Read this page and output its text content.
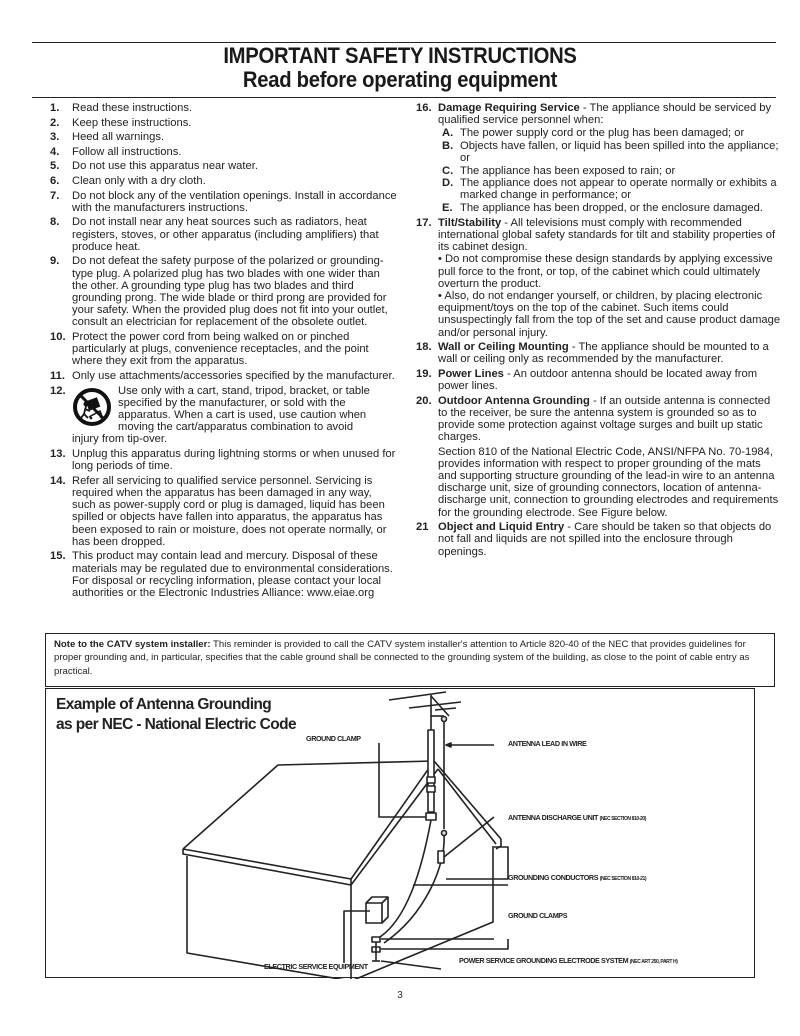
IMPORTANT SAFETY INSTRUCTIONS
Read before operating equipment
1. Read these instructions.
2. Keep these instructions.
3. Heed all warnings.
4. Follow all instructions.
5. Do not use this apparatus near water.
6. Clean only with a dry cloth.
7. Do not block any of the ventilation openings. Install in accordance with the manufacturers instructions.
8. Do not install near any heat sources such as radiators, heat registers, stoves, or other apparatus (including amplifiers) that produce heat.
9. Do not defeat the safety purpose of the polarized or grounding-type plug. A polarized plug has two blades with one wider than the other. A grounding type plug has two blades and third grounding prong. The wide blade or third prong are provided for your safety. When the provided plug does not fit into your outlet, consult an electrician for replacement of the obsolete outlet.
10. Protect the power cord from being walked on or pinched particularly at plugs, convenience receptacles, and the point where they exit from the apparatus.
11. Only use attachments/accessories specified by the manufacturer.
12.	Use only with a cart, stand, tripod, bracket, or table specified by the manufacturer, or sold with the apparatus. When a cart is used, use caution when moving the cart/apparatus combination to avoid
injury from tip-over.
13. Unplug this apparatus during lightning storms or when unused for long periods of time.
14. Refer all servicing to qualified service personnel. Servicing is required when the apparatus has been damaged in any way, such as power-supply cord or plug is damaged, liquid has been spilled or objects have fallen into apparatus, the apparatus has been exposed to rain or moisture, does not operate normally, or has been dropped.
15. This product may contain lead and mercury. Disposal of these materials may be regulated due to environmental considerations. For disposal or recycling information, please contact your local authorities or the Electronic Industries Alliance: www.eiae.org
16. Damage Requiring Service - The appliance should be serviced by qualified service personnel when:
A. The power supply cord or the plug has been damaged; or
B. Objects have fallen, or liquid has been spilled into the appliance; or
C. The appliance has been exposed to rain; or
D. The appliance does not appear to operate normally or exhibits a marked change in performance; or
E. The appliance has been dropped, or the enclosure damaged.
17. Tilt/Stability - All televisions must comply with recommended international global safety standards for tilt and stability properties of its cabinet design.
• Do not compromise these design standards by applying excessive pull force to the front, or top, of the cabinet which could ultimately overturn the product.
• Also, do not endanger yourself, or children, by placing electronic equipment/toys on the top of the cabinet. Such items could unsuspectingly fall from the top of the set and cause product damage and/or personal injury.
18. Wall or Ceiling Mounting - The appliance should be mounted to a wall or ceiling only as recommended by the manufacturer.
19. Power Lines - An outdoor antenna should be located away from power lines.
20. Outdoor Antenna Grounding - If an outside antenna is connected to the receiver, be sure the antenna system is grounded so as to provide some protection against voltage surges and built up static charges.
Section 810 of the National Electric Code, ANSI/NFPA No. 70-1984, provides information with respect to proper grounding of the mats and supporting structure grounding of the lead-in wire to an antenna discharge unit, size of grounding connectors, location of antenna-discharge unit, connection to grounding electrodes and requirements for the grounding electrode. See Figure below.
21 Object and Liquid Entry - Care should be taken so that objects do not fall and liquids are not spilled into the enclosure through openings.
Note to the CATV system installer: This reminder is provided to call the CATV system installer's attention to Article 820-40 of the NEC that provides guidelines for proper grounding and, in particular, specifies that the cable ground shall be connected to the grounding system of the building, as close to the point of cable entry as practical.
Example of Antenna Grounding
as per NEC - National Electric Code
GROUND CLAMP
ANTENNA LEAD IN WIRE
ANTENNA DISCHARGE UNIT (NEC SECTION 810-20)
GROUNDING CONDUCTORS (NEC SECTION 810-21)
GROUND CLAMPS
POWER SERVICE GROUNDING ELECTRODE SYSTEM (NEC ART 250, PART H)
ELECTRIC SERVICE EQUIPMENT
3
